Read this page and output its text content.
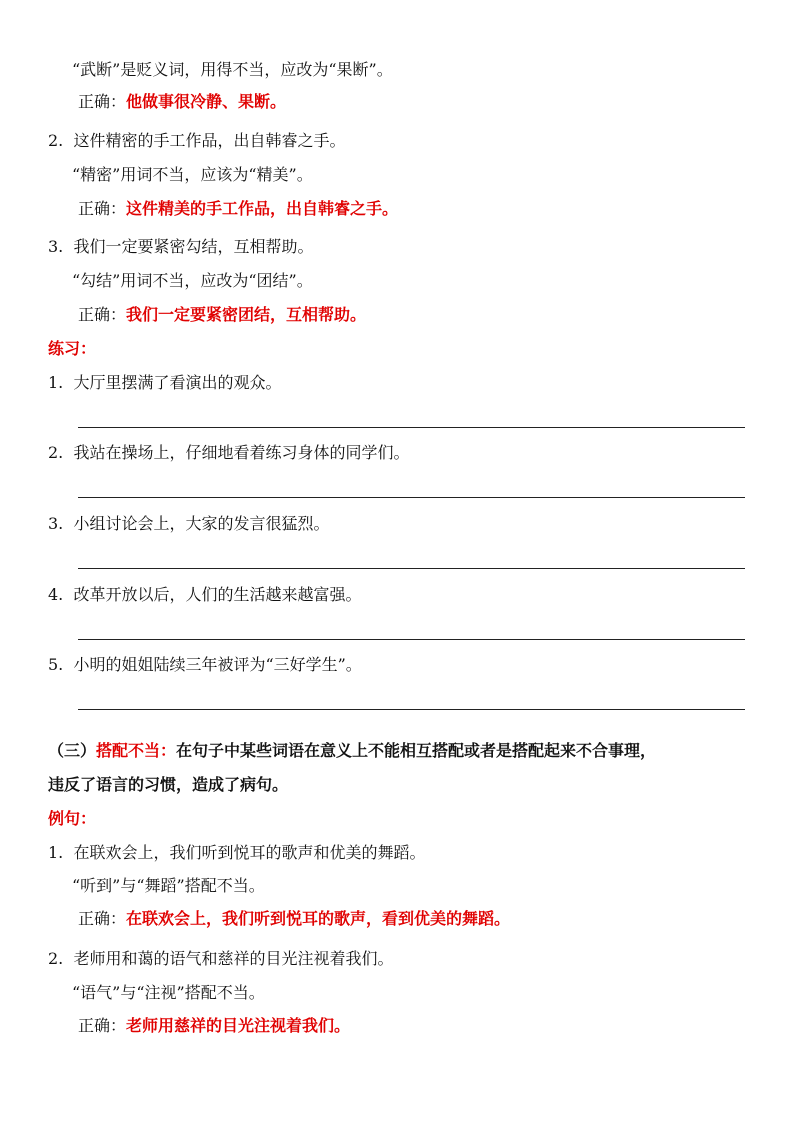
“武断”是贬义词，用得不当，应改为“果断”。
正确：他做事很冷静、果断。
2. 这件精密的手工作品，出自韩睿之手。
“精密”用词不当，应该为“精美”。
正确：这件精美的手工作品，出自韩睿之手。
3. 我们一定要紧密勾结，互相帮助。
“勾结”用词不当，应改为“团结”。
正确：我们一定要紧密团结，互相帮助。
练习：
1. 大厅里摆满了看演出的观众。
2. 我站在操场上，仔细地看着练习身体的同学们。
3. 小组讨论会上，大家的发言很猛烈。
4. 改革开放以后，人们的生活越来越富强。
5. 小明的姐姐陆续三年被评为“三好学生”。
（三）搭配不当：在句子中某些词语在意义上不能相互搭配或者是搭配起来不合事理，
违反了语言的习惯，造成了病句。
例句：
1. 在联欢会上，我们听到悦耳的歌声和优美的舞蹈。
“听到”与“舞蹈”搭配不当。
正确：在联欢会上，我们听到悦耳的歌声，看到优美的舞蹈。
2. 老师用和蔼的语气和慈祥的目光注视着我们。
“语气”与“注视”搭配不当。
正确：老师用慈祥的目光注视着我们。
